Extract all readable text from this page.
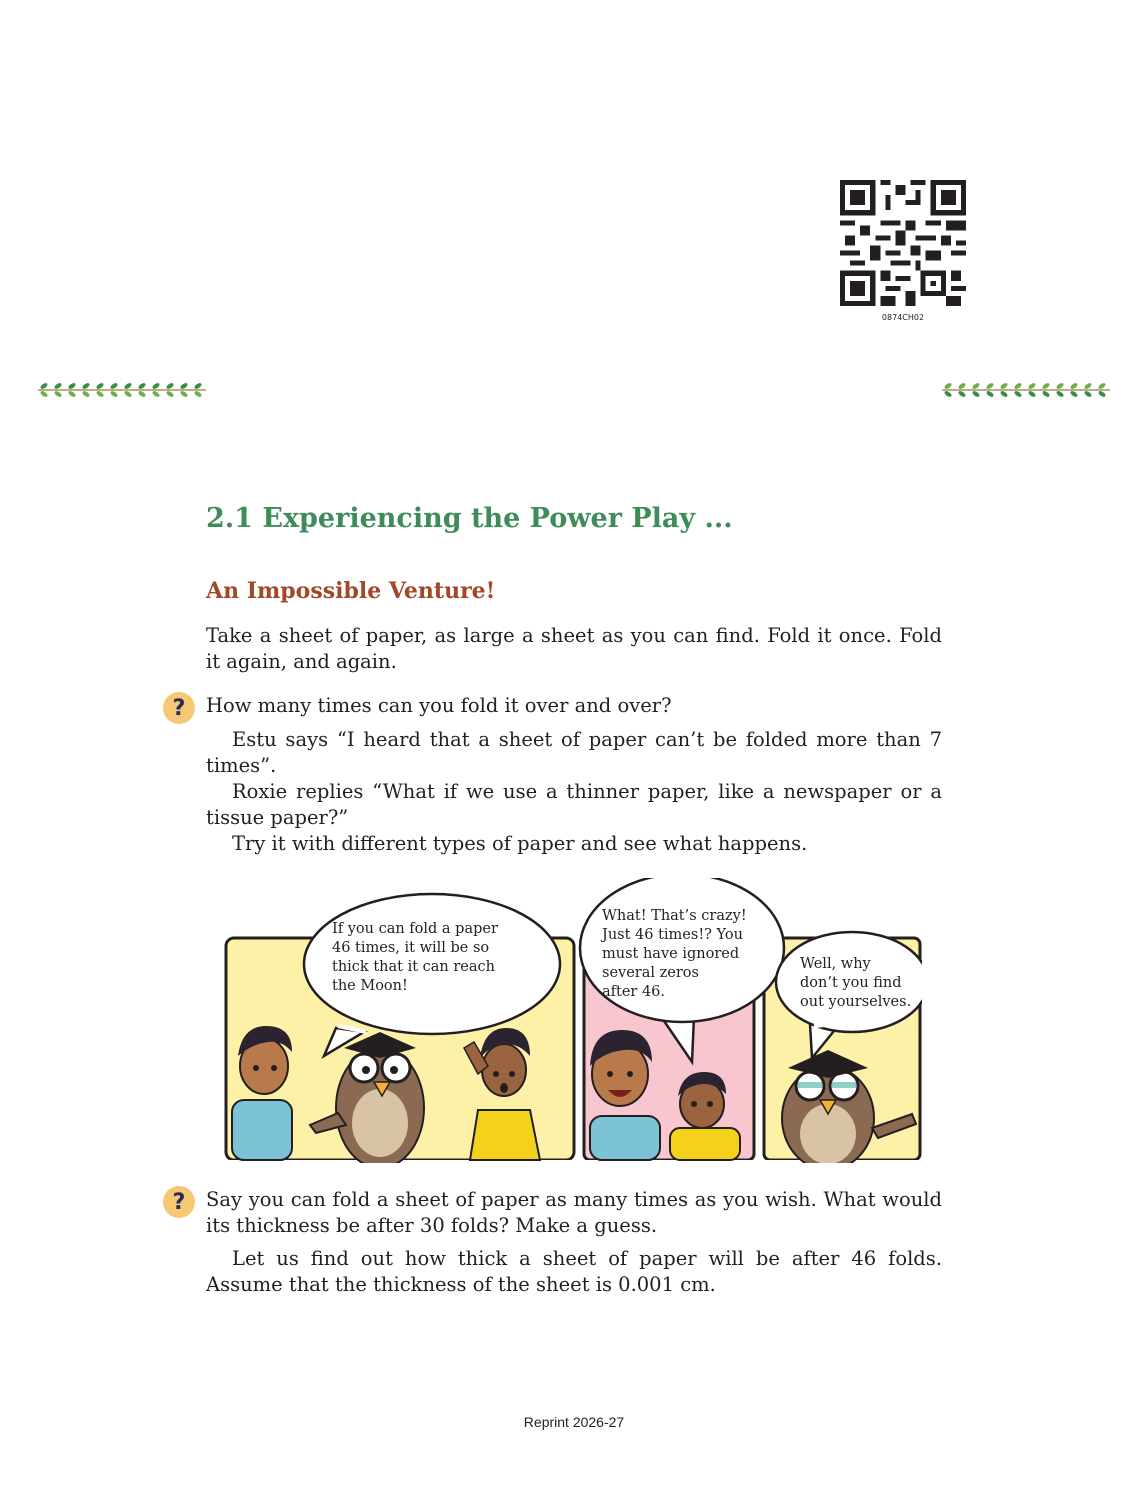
0874CH02
2.1 Experiencing the Power Play ...
An Impossible Venture!

Take a sheet of paper, as large a sheet as you can find. Fold it once. Fold it again, and again.

? How many times can you fold it over and over?

Estu says “I heard that a sheet of paper can’t be folded more than 7 times”.

Roxie replies “What if we use a thinner paper, like a newspaper or a tissue paper?”

Try it with different types of paper and see what happens.

If you can fold a paper 46 times, it will be so thick that it can reach the Moon!
What! That’s crazy! Just 46 times!? You must have ignored several zeros after 46.
Well, why don’t you find out yourselves.
? Say you can fold a sheet of paper as many times as you wish. What would its thickness be after 30 folds? Make a guess.

Let us find out how thick a sheet of paper will be after 46 folds. Assume that the thickness of the sheet is 0.001 cm.

Reprint 2026-27
